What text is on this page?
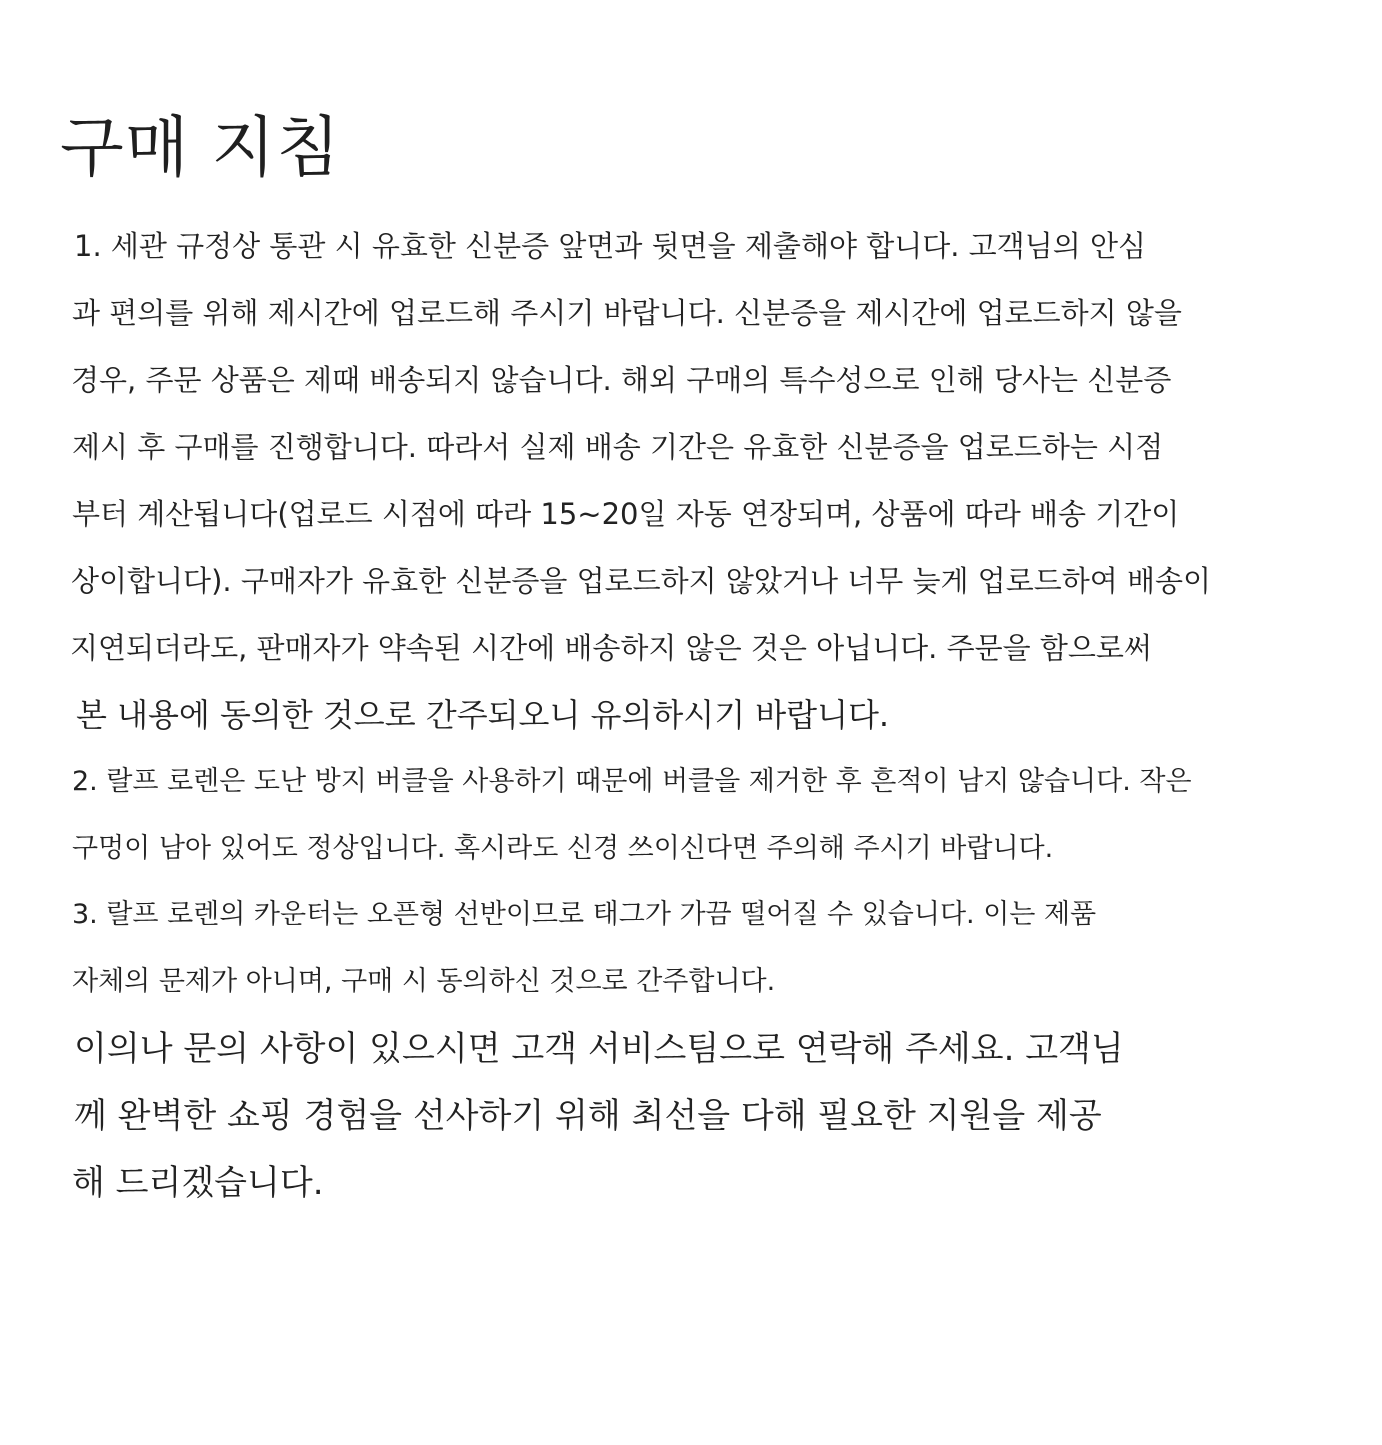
구매 지침

1. 세관 규정상 통관 시 유효한 신분증 앞면과 뒷면을 제출해야 합니다. 고객님의 안심

과 편의를 위해 제시간에 업로드해 주시기 바랍니다. 신분증을 제시간에 업로드하지 않을

경우, 주문 상품은 제때 배송되지 않습니다. 해외 구매의 특수성으로 인해 당사는 신분증

제시 후 구매를 진행합니다. 따라서 실제 배송 기간은 유효한 신분증을 업로드하는 시점

부터 계산됩니다(업로드 시점에 따라 15~20일 자동 연장되며, 상품에 따라 배송 기간이

상이합니다). 구매자가 유효한 신분증을 업로드하지 않았거나 너무 늦게 업로드하여 배송이

지연되더라도, 판매자가 약속된 시간에 배송하지 않은 것은 아닙니다. 주문을 함으로써

본 내용에 동의한 것으로 간주되오니 유의하시기 바랍니다.

2. 랄프 로렌은 도난 방지 버클을 사용하기 때문에 버클을 제거한 후 흔적이 남지 않습니다. 작은

구멍이 남아 있어도 정상입니다. 혹시라도 신경 쓰이신다면 주의해 주시기 바랍니다.

3. 랄프 로렌의 카운터는 오픈형 선반이므로 태그가 가끔 떨어질 수 있습니다. 이는 제품

자체의 문제가 아니며, 구매 시 동의하신 것으로 간주합니다.

이의나 문의 사항이 있으시면 고객 서비스팀으로 연락해 주세요. 고객님

께 완벽한 쇼핑 경험을 선사하기 위해 최선을 다해 필요한 지원을 제공

해 드리겠습니다.
